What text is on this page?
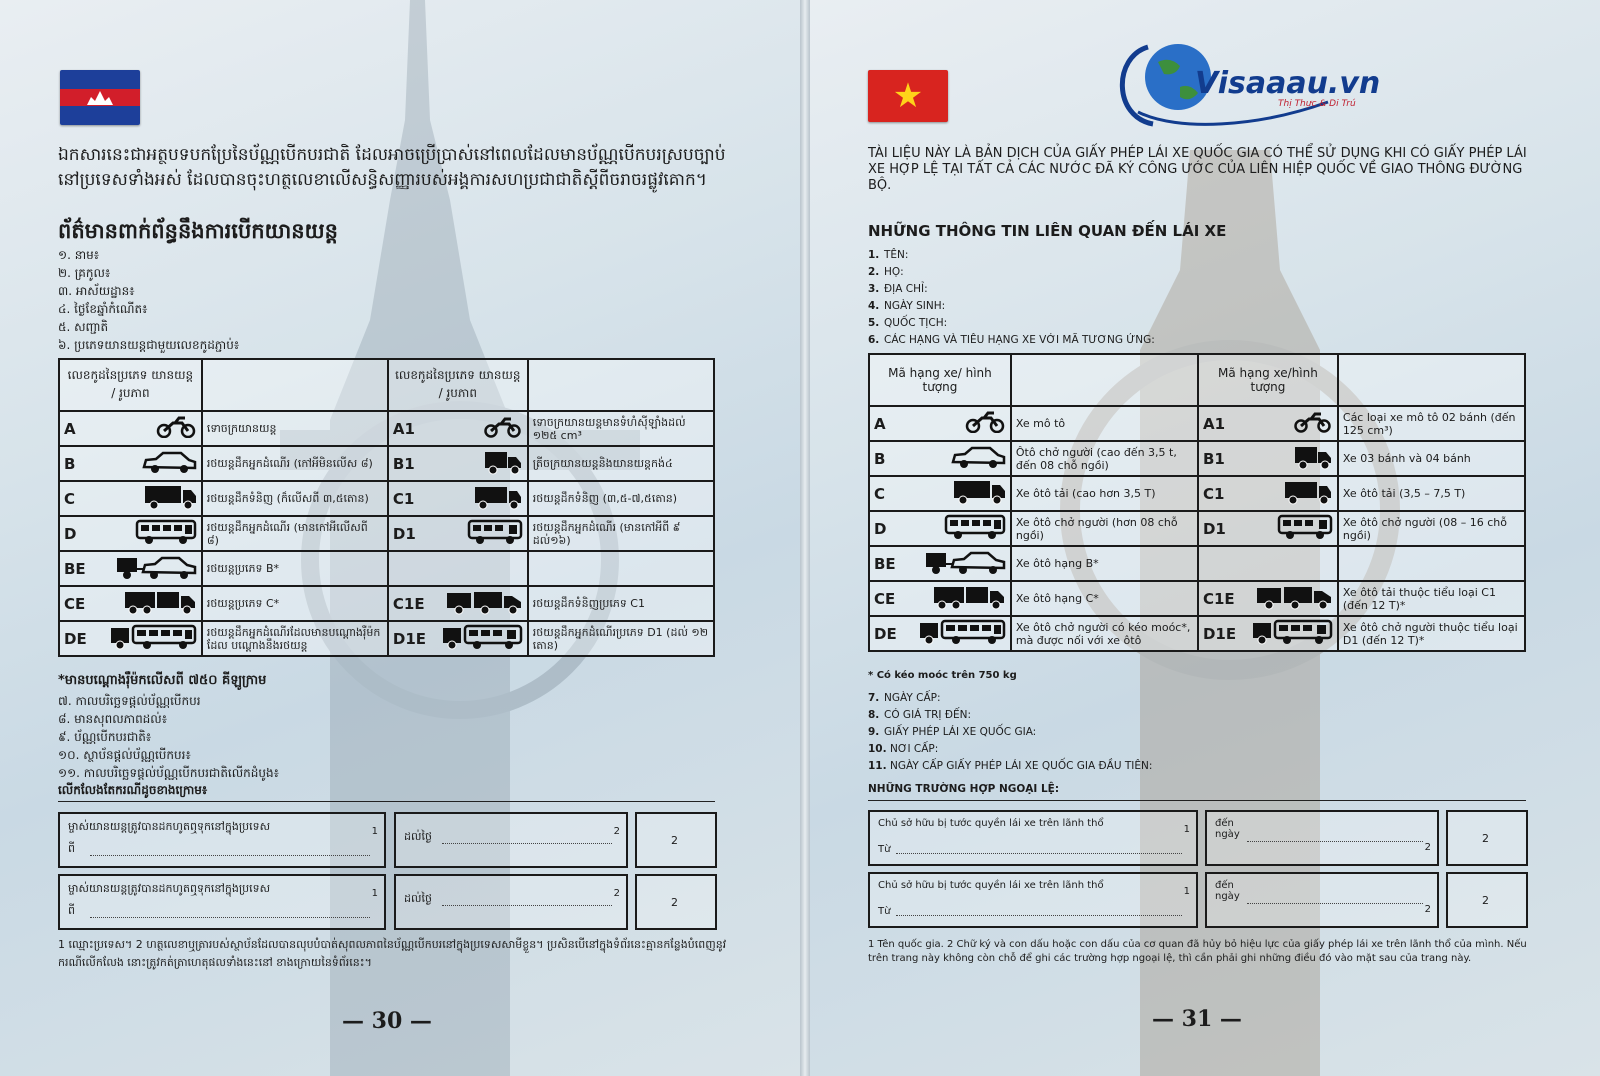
ឯកសារនេះជាអត្ថបទបកប្រែនៃប័ណ្ណបើកបរជាតិ ដែលអាចប្រើប្រាស់នៅពេលដែលមានប័ណ្ណបើកបរស្របច្បាប់នៅប្រទេសទាំងអស់ ដែលបានចុះហត្ថលេខាលើសន្ធិសញ្ញារបស់អង្គការសហប្រជាជាតិស្តីពីចរាចរផ្លូវគោក។
ព័ត៌មានពាក់ព័ន្ធនឹងការបើកយានយន្ត
១. នាម៖
២. គ្រកូល៖
៣. អាស័យដ្ឋាន៖
៤. ថ្ងៃខែឆ្នាំកំណើត៖
៥. សញ្ជាតិ
៦. ប្រភេទយានយន្តជាមួយលេខកូដភ្ជាប់៖
លេខកូដនៃប្រភេទ យានយន្ត / រូបភាព		លេខកូដនៃប្រភេទ យានយន្ត / រូបភាព	

A	ទោចក្រយានយន្ត	A1	ទោចក្រយានយន្តមានទំហំស៊ីឡាំងដល់ ១២៥ cm³

B	រថយន្តដឹកអ្នកដំណើរ (កៅអីមិនលើស ៨)	B1	ត្រីចក្រយានយន្តនិងយានយន្តកង់៤

C	រថយន្តដឹកទំនិញ (ក៏លើសពី ៣,៥តោន)	C1	រថយន្តដឹកទំនិញ (៣,៥-៧,៥តោន)

D	រថយន្តដឹកអ្នកដំណើរ (មានកៅអីលើសពី ៨)	D1	រថយន្តដឹកអ្នកដំណើរ (មានកៅអីពី ៩ ដល់១៦)

BE	រថយន្តប្រភេទ B*	

CE	រថយន្តប្រភេទ C*	C1E	រថយន្តដឹកទំនិញប្រភេទ C1

DE	រថយន្តដឹកអ្នកដំណើរដែលមានបណ្តោងរ៉ឺម៉ក ដែល បណ្តោងនឹងរថយន្ត	D1E	រថយន្តដឹកអ្នកដំណើរប្រភេទ D1 (ដល់ ១២ តោន)
*មានបណ្តោងរ៉ឺម៉កលើសពី ៧៥០ គីឡូក្រាម
៧. កាលបរិច្ឆេទផ្តល់ប័ណ្ណបើកបរ
៨. មានសុពលភាពដល់៖
៩. ប័ណ្ណបើកបរជាតិ៖
១០. ស្ថាប័នផ្តល់ប័ណ្ណបើកបរ៖
១១. កាលបរិច្ឆេទផ្តល់ប័ណ្ណបើកបរជាតិលើកដំបូង៖
លើកលែងតែករណីដូចខាងក្រោម៖
ម្ចាស់យានយន្តត្រូវបានដកហូតឮទុកនៅក្នុងប្រទេស	1
ពី
ដល់ថ្ងៃ	2
2
ម្ចាស់យានយន្តត្រូវបានដកហូតឮទុកនៅក្នុងប្រទេស	1
ពី
ដល់ថ្ងៃ	2
2
1 ឈ្មោះប្រទេស។ 2 ហត្ថលេខាឬត្រារបស់ស្ថាប័នដែលបានលុបបំបាត់សុពលភាពនៃប័ណ្ណបើកបរនៅក្នុងប្រទេសសាមីខ្លួន។ ប្រសិនបើនៅក្នុងទំព័រនេះគ្មានកន្លែងបំពេញនូវករណីលើកលែង នោះត្រូវកត់ត្រាហេតុផលទាំងនេះនៅ ខាងក្រោយនៃទំព័រនេះ។
— 30 —
★	Visaaau.vn
Thị Thực & Di Trú
TÀI LIỆU NÀY LÀ BẢN DỊCH CỦA GIẤY PHÉP LÁI XE QUỐC GIA CÓ THỂ SỬ DỤNG KHI CÓ GIẤY PHÉP LÁI XE HỢP LỆ TẠI TẤT CẢ CÁC NƯỚC ĐÃ KÝ CÔNG ƯỚC CỦA LIÊN HIỆP QUỐC VỀ GIAO THÔNG ĐƯỜNG BỘ.
NHỮNG THÔNG TIN LIÊN QUAN ĐẾN LÁI XE
1. TÊN:
2. HỌ:
3. ĐỊA CHỈ:
4. NGÀY SINH:
5. QUỐC TỊCH:
6. CÁC HẠNG VÀ TIÊU HẠNG XE VỚI MÃ TƯƠNG ỨNG:
Mã hạng xe/ hình tượng		Mã hạng xe/hình tượng	

A	Xe mô tô	A1	Các loại xe mô tô 02 bánh (đến 125 cm³)

B	Ôtô chở người (cao đến 3,5 t, đến 08 chỗ ngồi)	B1	Xe 03 bánh và 04 bánh

C	Xe ôtô tải (cao hơn 3,5 T)	C1	Xe ôtô tải (3,5 – 7,5 T)

D	Xe ôtô chở người (hơn 08 chỗ ngồi)	D1	Xe ôtô chở người (08 – 16 chỗ ngồi)

BE	Xe ôtô hạng B*	

CE	Xe ôtô hạng C*	C1E	Xe ôtô tải thuộc tiểu loại C1 (đến 12 T)*

DE	Xe ôtô chở người có kéo moóc*, mà được nối với xe ôtô	D1E	Xe ôtô chở người thuộc tiểu loại D1 (đến 12 T)*
* Có kéo moóc trên 750 kg
7. NGÀY CẤP:
8. CÓ GIÁ TRỊ ĐẾN:
9. GIẤY PHÉP LÁI XE QUỐC GIA:
10. NƠI CẤP:
11. NGÀY CẤP GIẤY PHÉP LÁI XE QUỐC GIA ĐẦU TIÊN:
NHỮNG TRƯỜNG HỢP NGOẠI LỆ:
Chủ sở hữu bị tước quyền lái xe trên lãnh thổ
1
Từ
đến ngày
2
2
Chủ sở hữu bị tước quyền lái xe trên lãnh thổ
1
Từ
đến ngày
2
2
1 Tên quốc gia. 2 Chữ ký và con dấu hoặc con dấu của cơ quan đã hủy bỏ hiệu lực của giấy phép lái xe trên lãnh thổ của mình. Nếu trên trang này không còn chỗ để ghi các trường hợp ngoại lệ, thì cần phải ghi những điều đó vào mặt sau của trang này.
— 31 —
